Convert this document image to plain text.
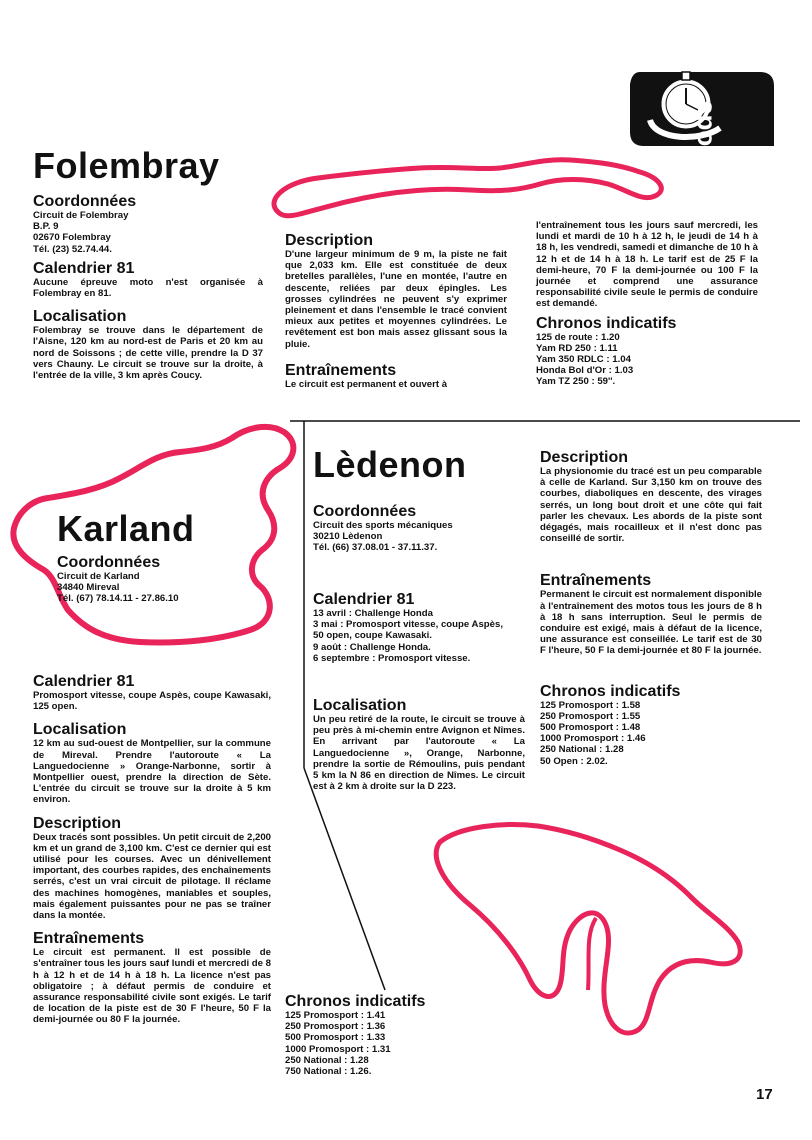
sport
Folembray
Coordonnées
Circuit de Folembray
B.P. 9
02670 Folembray
Tél. (23) 52.74.44.
Calendrier 81

Aucune épreuve moto n'est organisée à Folembray en 81.

Localisation

Folembray se trouve dans le département de l'Aisne, 120 km au nord-est de Paris et 20 km au nord de Soissons ; de cette ville, prendre la D 37 vers Chauny. Le circuit se trouve sur la droite, à l'entrée de la ville, 3 km après Coucy.

Description

D'une largeur minimum de 9 m, la piste ne fait que 2,033 km. Elle est constituée de deux bretelles parallèles, l'une en montée, l'autre en descente, reliées par deux épingles. Les grosses cylindrées ne peuvent s'y exprimer pleinement et dans l'ensemble le tracé convient mieux aux petites et moyennes cylindrées. Le revêtement est bon mais assez glissant sous la pluie.

Entraînements

Le circuit est permanent et ouvert à

l'entraînement tous les jours sauf mercredi, les lundi et mardi de 10 h à 12 h, le jeudi de 14 h à 18 h, les vendredi, samedi et dimanche de 10 h à 12 h et de 14 h à 18 h. Le tarif est de 25 F la demi-heure, 70 F la demi-journée ou 100 F la journée et comprend une assurance responsabilité civile seule le permis de conduire est demandé.

Chronos indicatifs
125 de route : 1.20
Yam RD 250 : 1.11
Yam 350 RDLC : 1.04
Honda Bol d'Or : 1.03
Yam TZ 250 : 59''.
Karland
Coordonnées
Circuit de Karland
34840 Mireval
Tél. (67) 78.14.11 - 27.86.10
Calendrier 81

Promosport vitesse, coupe Aspès, coupe Kawasaki, 125 open.

Localisation

12 km au sud-ouest de Montpellier, sur la commune de Mireval. Prendre l'autoroute « La Languedocienne » Orange-Narbonne, sortir à Montpellier ouest, prendre la direction de Sète. L'entrée du circuit se trouve sur la droite à 5 km environ.

Description

Deux tracés sont possibles. Un petit circuit de 2,200 km et un grand de 3,100 km. C'est ce dernier qui est utilisé pour les courses. Avec un dénivellement important, des courbes rapides, des enchaînements serrés, c'est un vrai circuit de pilotage. Il réclame des machines homogènes, maniables et souples, mais également puissantes pour ne pas se traîner dans la montée.

Entraînements

Le circuit est permanent. Il est possible de s'entraîner tous les jours sauf lundi et mercredi de 8 h à 12 h et de 14 h à 18 h. La licence n'est pas obligatoire ; à défaut permis de conduire et assurance responsabilité civile sont exigés. Le tarif de location de la piste est de 30 F l'heure, 50 F la demi-journée ou 80 F la journée.

Chronos indicatifs
125 Promosport : 1.41
250 Promosport : 1.36
500 Promosport : 1.33
1000 Promosport : 1.31
250 National : 1.28
750 National : 1.26.
Lèdenon
Coordonnées
Circuit des sports mécaniques
30210 Lèdenon
Tél. (66) 37.08.01 - 37.11.37.
Calendrier 81
13 avril : Challenge Honda
3 mai : Promosport vitesse, coupe Aspès,
50 open, coupe Kawasaki.
9 août : Challenge Honda.
6 septembre : Promosport vitesse.
Localisation

Un peu retiré de la route, le circuit se trouve à peu près à mi-chemin entre Avignon et Nîmes. En arrivant par l'autoroute « La Languedocienne », Orange, Narbonne, prendre la sortie de Rémoulins, puis pendant 5 km la N 86 en direction de Nîmes. Le circuit est à 2 km à droite sur la D 223.

Description

La physionomie du tracé est un peu comparable à celle de Karland. Sur 3,150 km on trouve des courbes, diaboliques en descente, des virages serrés, un long bout droit et une côte qui fait parler les chevaux. Les abords de la piste sont dégagés, mais rocailleux et il n'est donc pas conseillé de sortir.

Entraînements

Permanent le circuit est normalement disponible à l'entraînement des motos tous les jours de 8 h à 18 h sans interruption. Seul le permis de conduire est exigé, mais à défaut de la licence, une assurance est conseillée. Le tarif est de 30 F l'heure, 50 F la demi-journée et 80 F la journée.

Chronos indicatifs
125 Promosport : 1.58
250 Promosport : 1.55
500 Promosport : 1.48
1000 Promosport : 1.46
250 National : 1.28
50 Open : 2.02.
17
